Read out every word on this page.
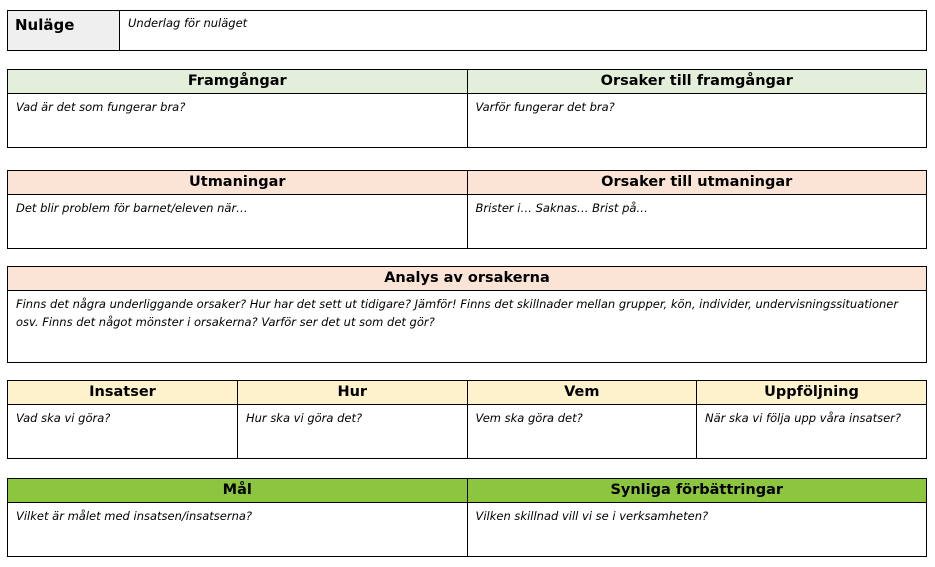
Nuläge	Underlag för nuläget
Framgångar	Orsaker till framgångar
Vad är det som fungerar bra?	Varför fungerar det bra?
Utmaningar	Orsaker till utmaningar
Det blir problem för barnet/eleven när…	Brister i… Saknas… Brist på…
Analys av orsakerna
Finns det några underliggande orsaker? Hur har det sett ut tidigare? Jämför! Finns det skillnader mellan grupper, kön, individer, undervisningssituationer osv. Finns det något mönster i orsakerna? Varför ser det ut som det gör?
Insatser	Hur	Vem	Uppföljning
Vad ska vi göra?	Hur ska vi göra det?	Vem ska göra det?	När ska vi följa upp våra insatser?
Mål	Synliga förbättringar
Vilket är målet med insatsen/insatserna?	Vilken skillnad vill vi se i verksamheten?
